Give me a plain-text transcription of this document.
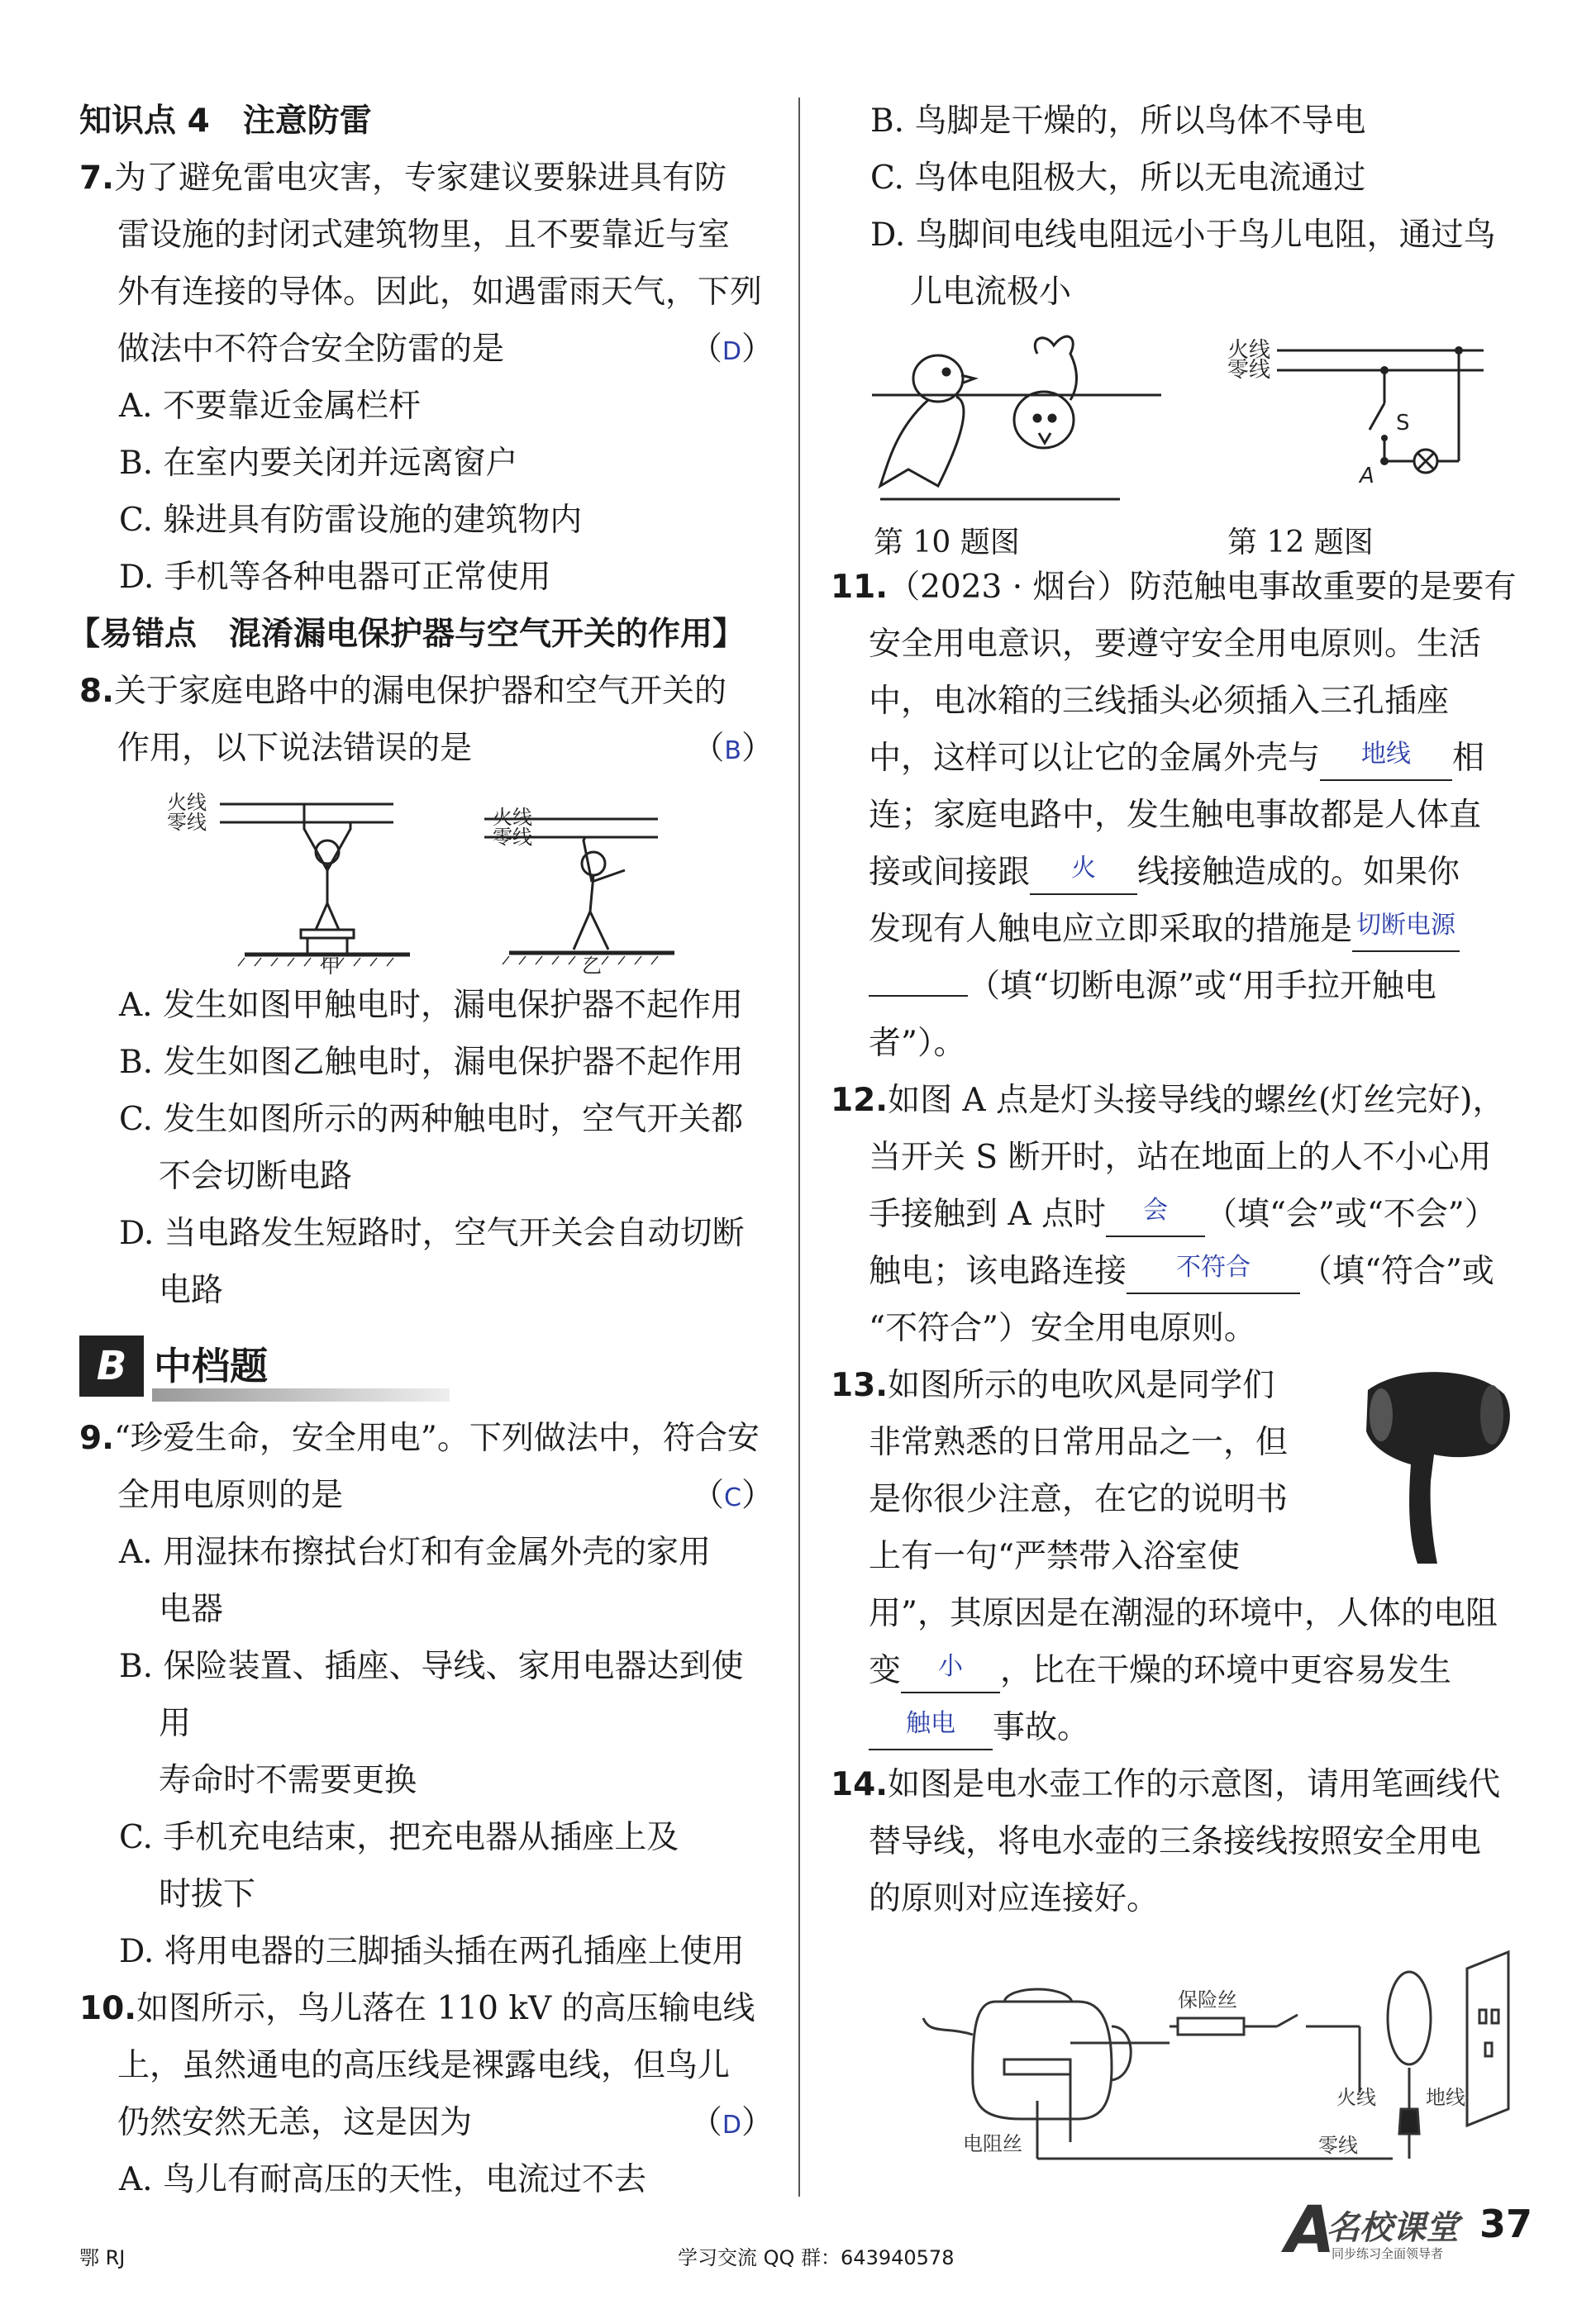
知识点 4 注意防雷

7.为了避免雷电灾害，专家建议要躲进具有防
雷设施的封闭式建筑物里，且不要靠近与室
外有连接的导体。因此，如遇雷雨天气，下列
做法中不符合安全防雷的是	（D）

A. 不要靠近金属栏杆

B. 在室内要关闭并远离窗户

C. 躲进具有防雷设施的建筑物内

D. 手机等各种电器可正常使用

【易错点　混淆漏电保护器与空气开关的作用】

8.关于家庭电路中的漏电保护器和空气开关的
作用，以下说法错误的是	（B）
火线
零线	火线
零线
甲	乙

A. 发生如图甲触电时，漏电保护器不起作用

B. 发生如图乙触电时，漏电保护器不起作用

C. 发生如图所示的两种触电时，空气开关都
不会切断电路

D. 当电路发生短路时，空气开关会自动切断
电路

B 中档题
9.“珍爱生命，安全用电”。下列做法中，符合安
全用电原则的是	（C）

A. 用湿抹布擦拭台灯和有金属外壳的家用
电器

B. 保险装置、插座、导线、家用电器达到使用
寿命时不需要更换

C. 手机充电结束，把充电器从插座上及
时拔下

D. 将用电器的三脚插头插在两孔插座上使用

10.如图所示，鸟儿落在 110 kV 的高压输电线
上，虽然通电的高压线是裸露电线，但鸟儿
仍然安然无恙，这是因为	（D）

A. 鸟儿有耐高压的天性，电流过不去

B. 鸟脚是干燥的，所以鸟体不导电

C. 鸟体电阻极大，所以无电流通过

D. 鸟脚间电线电阻远小于鸟儿电阻，通过鸟
儿电流极小

火线
零线
S
A
第 10 题图	第 12 题图
11.（2023 · 烟台）防范触电事故重要的是要有
安全用电意识，要遵守安全用电原则。生活
中，电冰箱的三线插头必须插入三孔插座
中，这样可以让它的金属外壳与 $^{地线}$ 相
连；家庭电路中，发生触电事故都是人体直
接或间接跟 $^火$ 线接触造成的。如果你
发现有人触电应立即采取的措施是 $^{切断电源}$
（填“切断电源”或“用手拉开触电
者”）。
12.如图 A 点是灯头接导线的螺丝(灯丝完好)，
当开关 S 断开时，站在地面上的人不小心用
手接触到 A 点时 $^会$ （填“会”或“不会”）
触电；该电路连接 $^{不符合}$ （填“符合”或
“不符合”）安全用电原则。
13.如图所示的电吹风是同学们
非常熟悉的日常用品之一，但
是你很少注意，在它的说明书
上有一句“严禁带入浴室使
用”，其原因是在潮湿的环境中，人体的电阻
变 $^小$ ，比在干燥的环境中更容易发生
$^{触电}$ 事故。
14.如图是电水壶工作的示意图，请用笔画线代
替导线，将电水壶的三条接线按照安全用电
的原则对应连接好。
保险丝
火线	地线
电阻丝	零线
鄂 RJ	学习交流 QQ 群：643940578	A
名校课堂
同步练习全面领导者
37
